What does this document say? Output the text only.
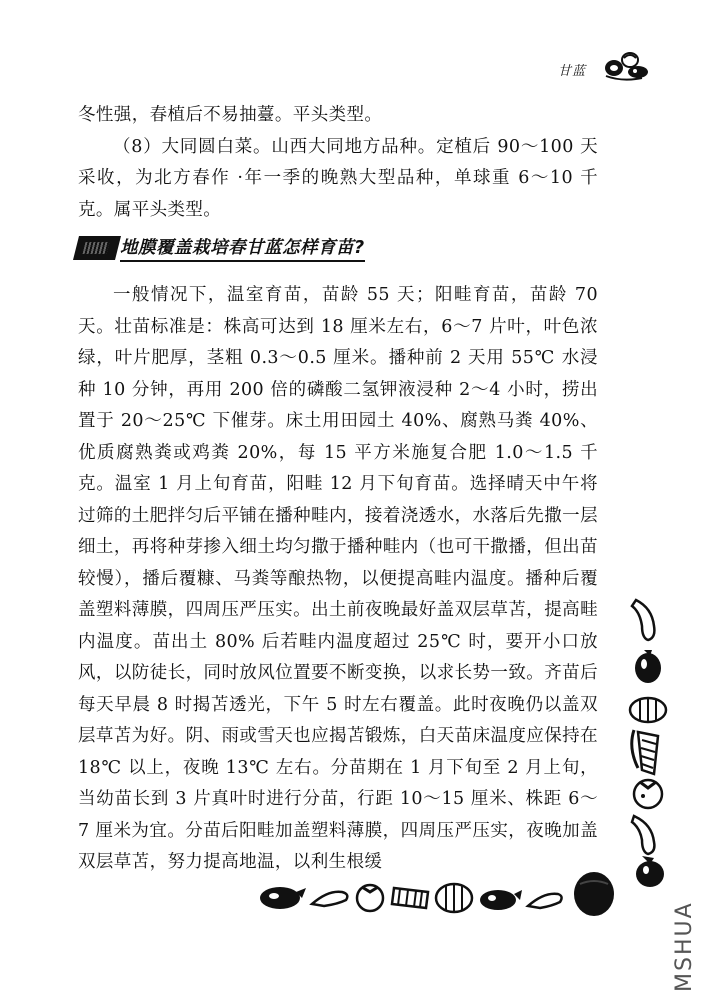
甘蓝

冬性强，春植后不易抽薹。平头类型。

（8）大同圆白菜。山西大同地方品种。定植后 90～100 天采收，为北方春作 ·年一季的晚熟大型品种，单球重 6～10 千克。属平头类型。

地膜覆盖栽培春甘蓝怎样育苗?

一般情况下，温室育苗，苗龄 55 天；阳畦育苗，苗龄 70 天。壮苗标准是：株高可达到 18 厘米左右，6～7 片叶，叶色浓绿，叶片肥厚，茎粗 0.3～0.5 厘米。播种前 2 天用 55℃ 水浸种 10 分钟，再用 200 倍的磷酸二氢钾液浸种 2～4 小时，捞出置于 20～25℃ 下催芽。床土用田园土 40%、腐熟马粪 40%、优质腐熟粪或鸡粪 20%，每 15 平方米施复合肥 1.0～1.5 千克。温室 1 月上旬育苗，阳畦 12 月下旬育苗。选择晴天中午将过筛的土肥拌匀后平铺在播种畦内，接着浇透水，水落后先撒一层细土，再将种芽掺入细土均匀撒于播种畦内（也可干撒播，但出苗较慢），播后覆糠、马粪等酿热物，以便提高畦内温度。播种后覆盖塑料薄膜，四周压严压实。出土前夜晚最好盖双层草苫，提高畦内温度。苗出土 80% 后若畦内温度超过 25℃ 时，要开小口放风，以防徒长，同时放风位置要不断变换，以求长势一致。齐苗后每天早晨 8 时揭苫透光，下午 5 时左右覆盖。此时夜晚仍以盖双层草苫为好。阴、雨或雪天也应揭苫锻炼，白天苗床温度应保持在 18℃ 以上，夜晚 13℃ 左右。分苗期在 1 月下旬至 2 月上旬，当幼苗长到 3 片真叶时进行分苗，行距 10～15 厘米、株距 6～7 厘米为宜。分苗后阳畦加盖塑料薄膜，四周压严压实，夜晚加盖双层草苫，努力提高地温，以利生根缓

MSHUA
